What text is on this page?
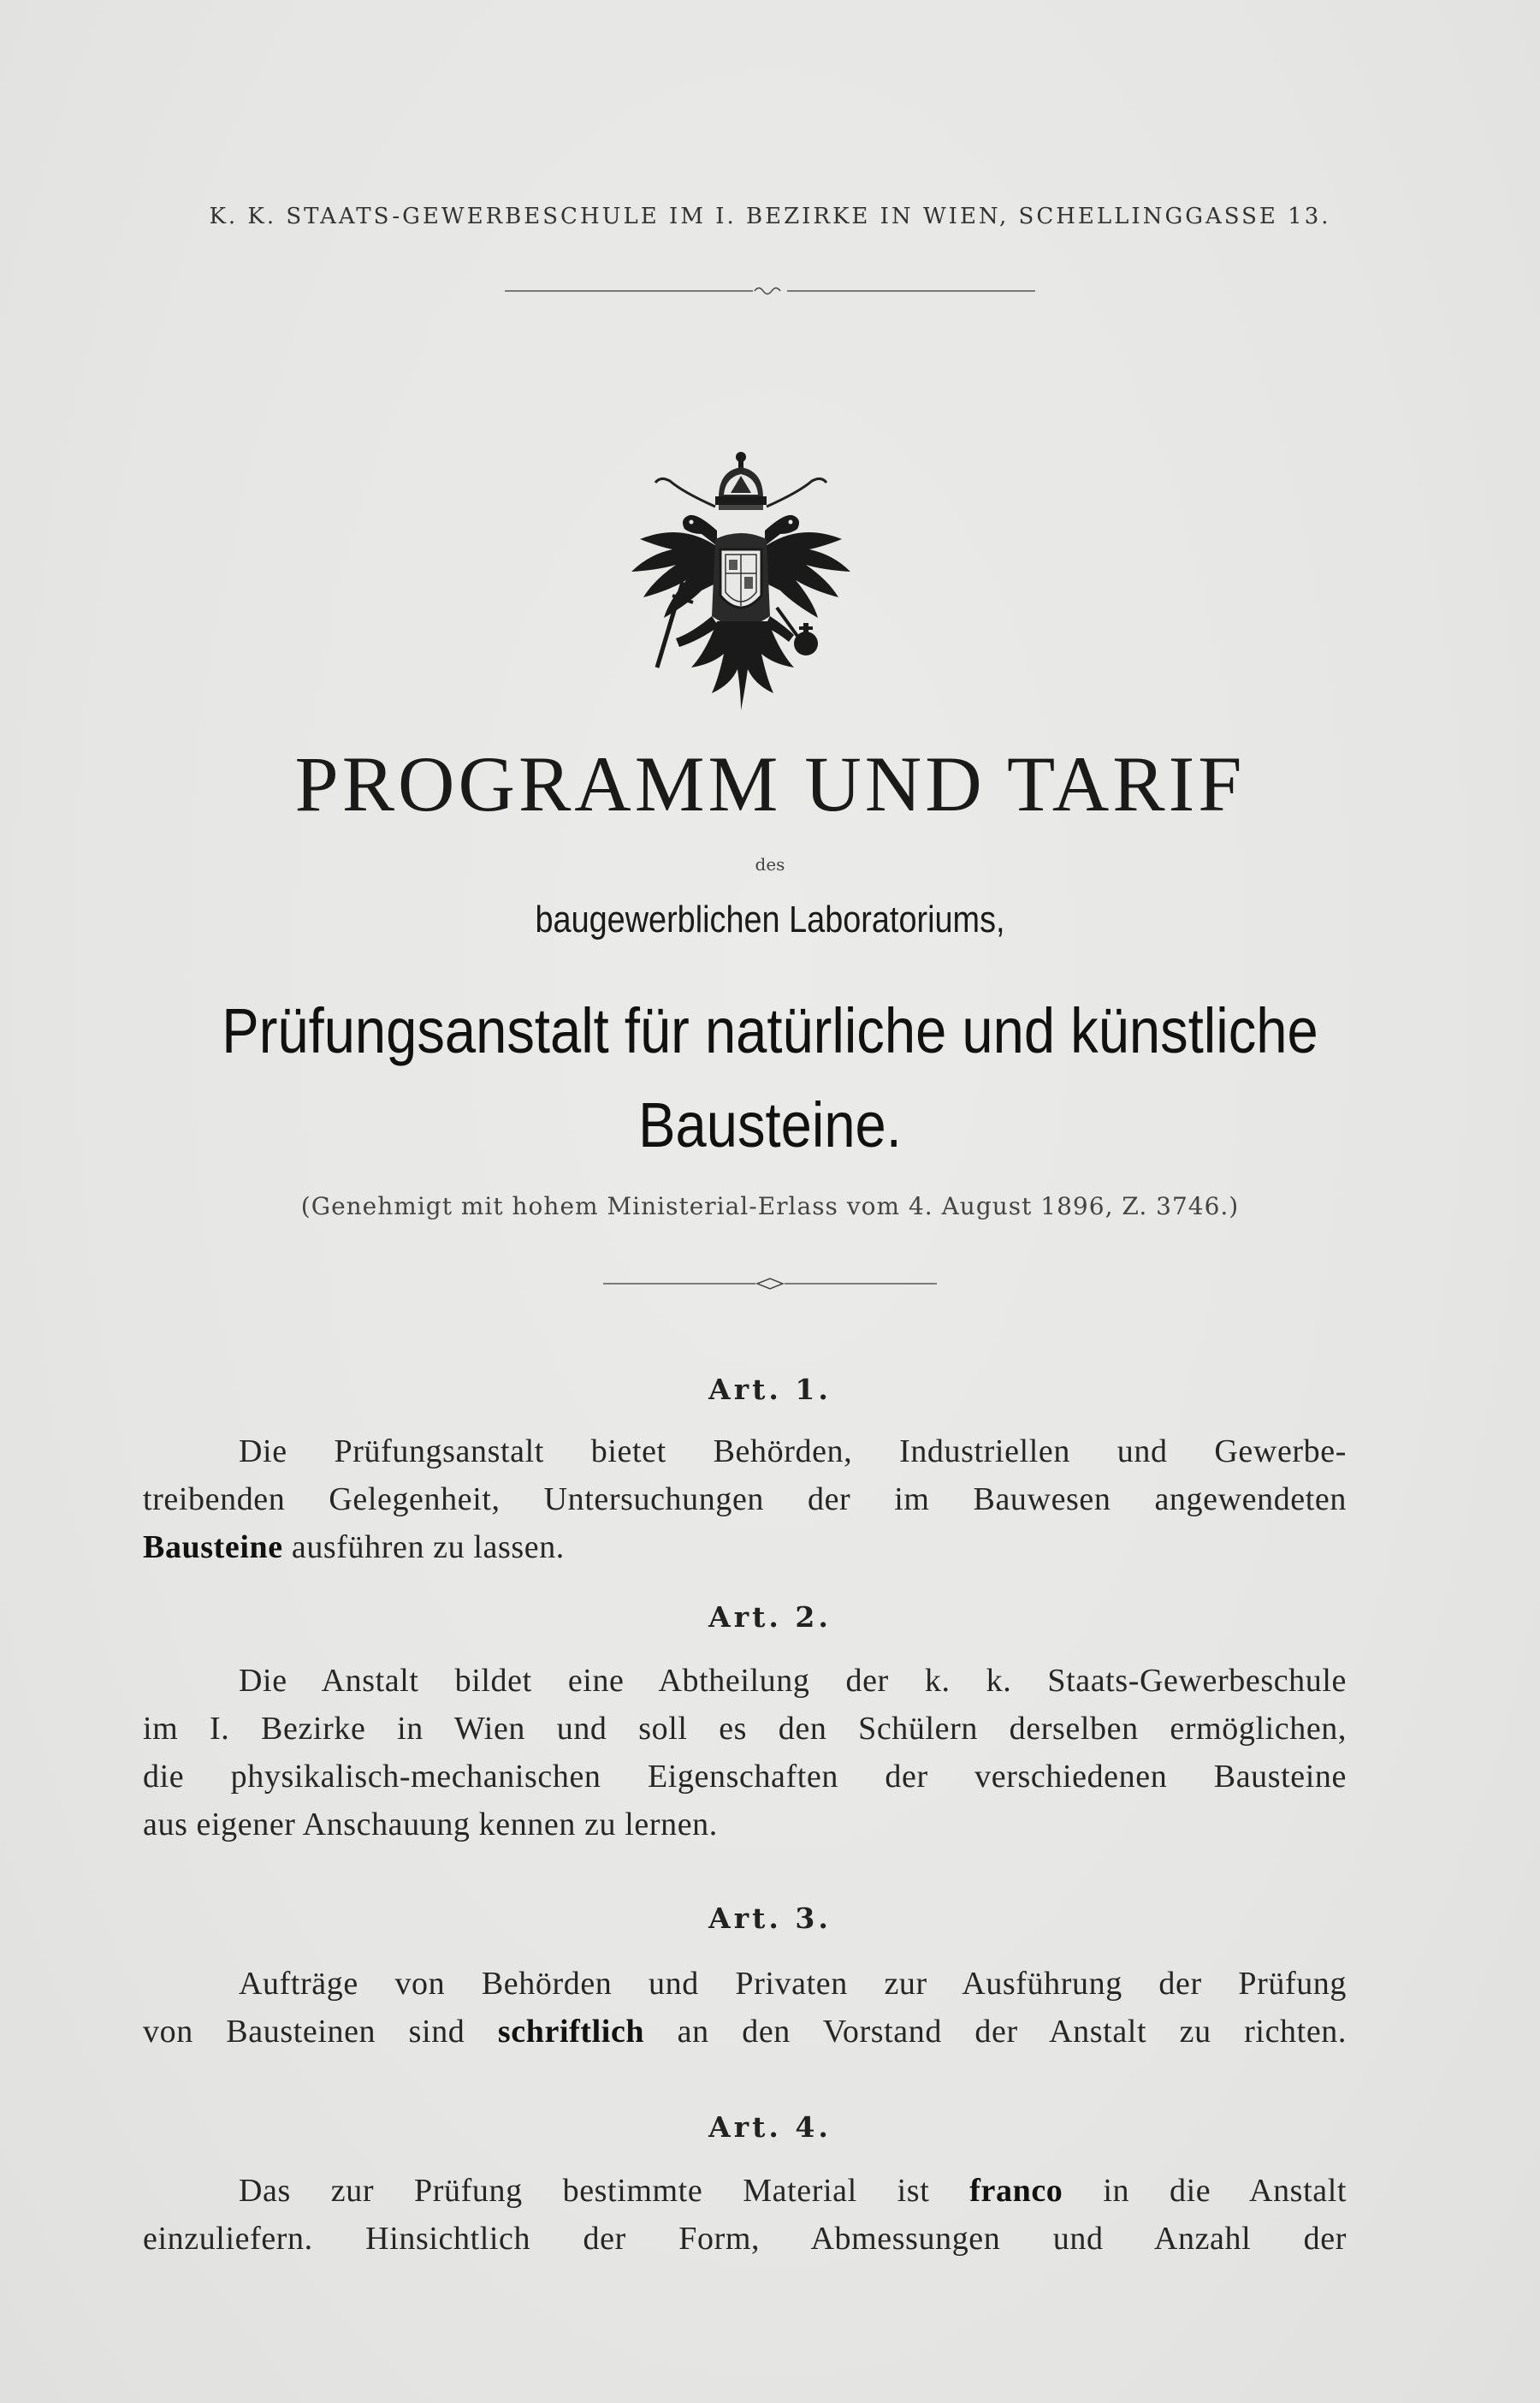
K. K. STAATS-GEWERBESCHULE IM I. BEZIRKE IN WIEN, SCHELLINGGASSE 13.
PROGRAMM UND TARIF
des
baugewerblichen Laboratoriums,
Prüfungsanstalt für natürliche und künstliche
Bausteine.
(Genehmigt mit hohem Ministerial-Erlass vom 4. August 1896, Z. 3746.)
Art. 1.
Die Prüfungsanstalt bietet Behörden, Industriellen und Gewerbe-
treibenden Gelegenheit, Untersuchungen der im Bauwesen angewendeten
Bausteine ausführen zu lassen.
Art. 2.
Die Anstalt bildet eine Abtheilung der k. k. Staats-Gewerbeschule
im I. Bezirke in Wien und soll es den Schülern derselben ermöglichen,
die physikalisch-mechanischen Eigenschaften der verschiedenen Bausteine
aus eigener Anschauung kennen zu lernen.
Art. 3.
Aufträge von Behörden und Privaten zur Ausführung der Prüfung
von Bausteinen sind schriftlich an den Vorstand der Anstalt zu richten.
Art. 4.
Das zur Prüfung bestimmte Material ist franco in die Anstalt
einzuliefern. Hinsichtlich der Form, Abmessungen und Anzahl der
